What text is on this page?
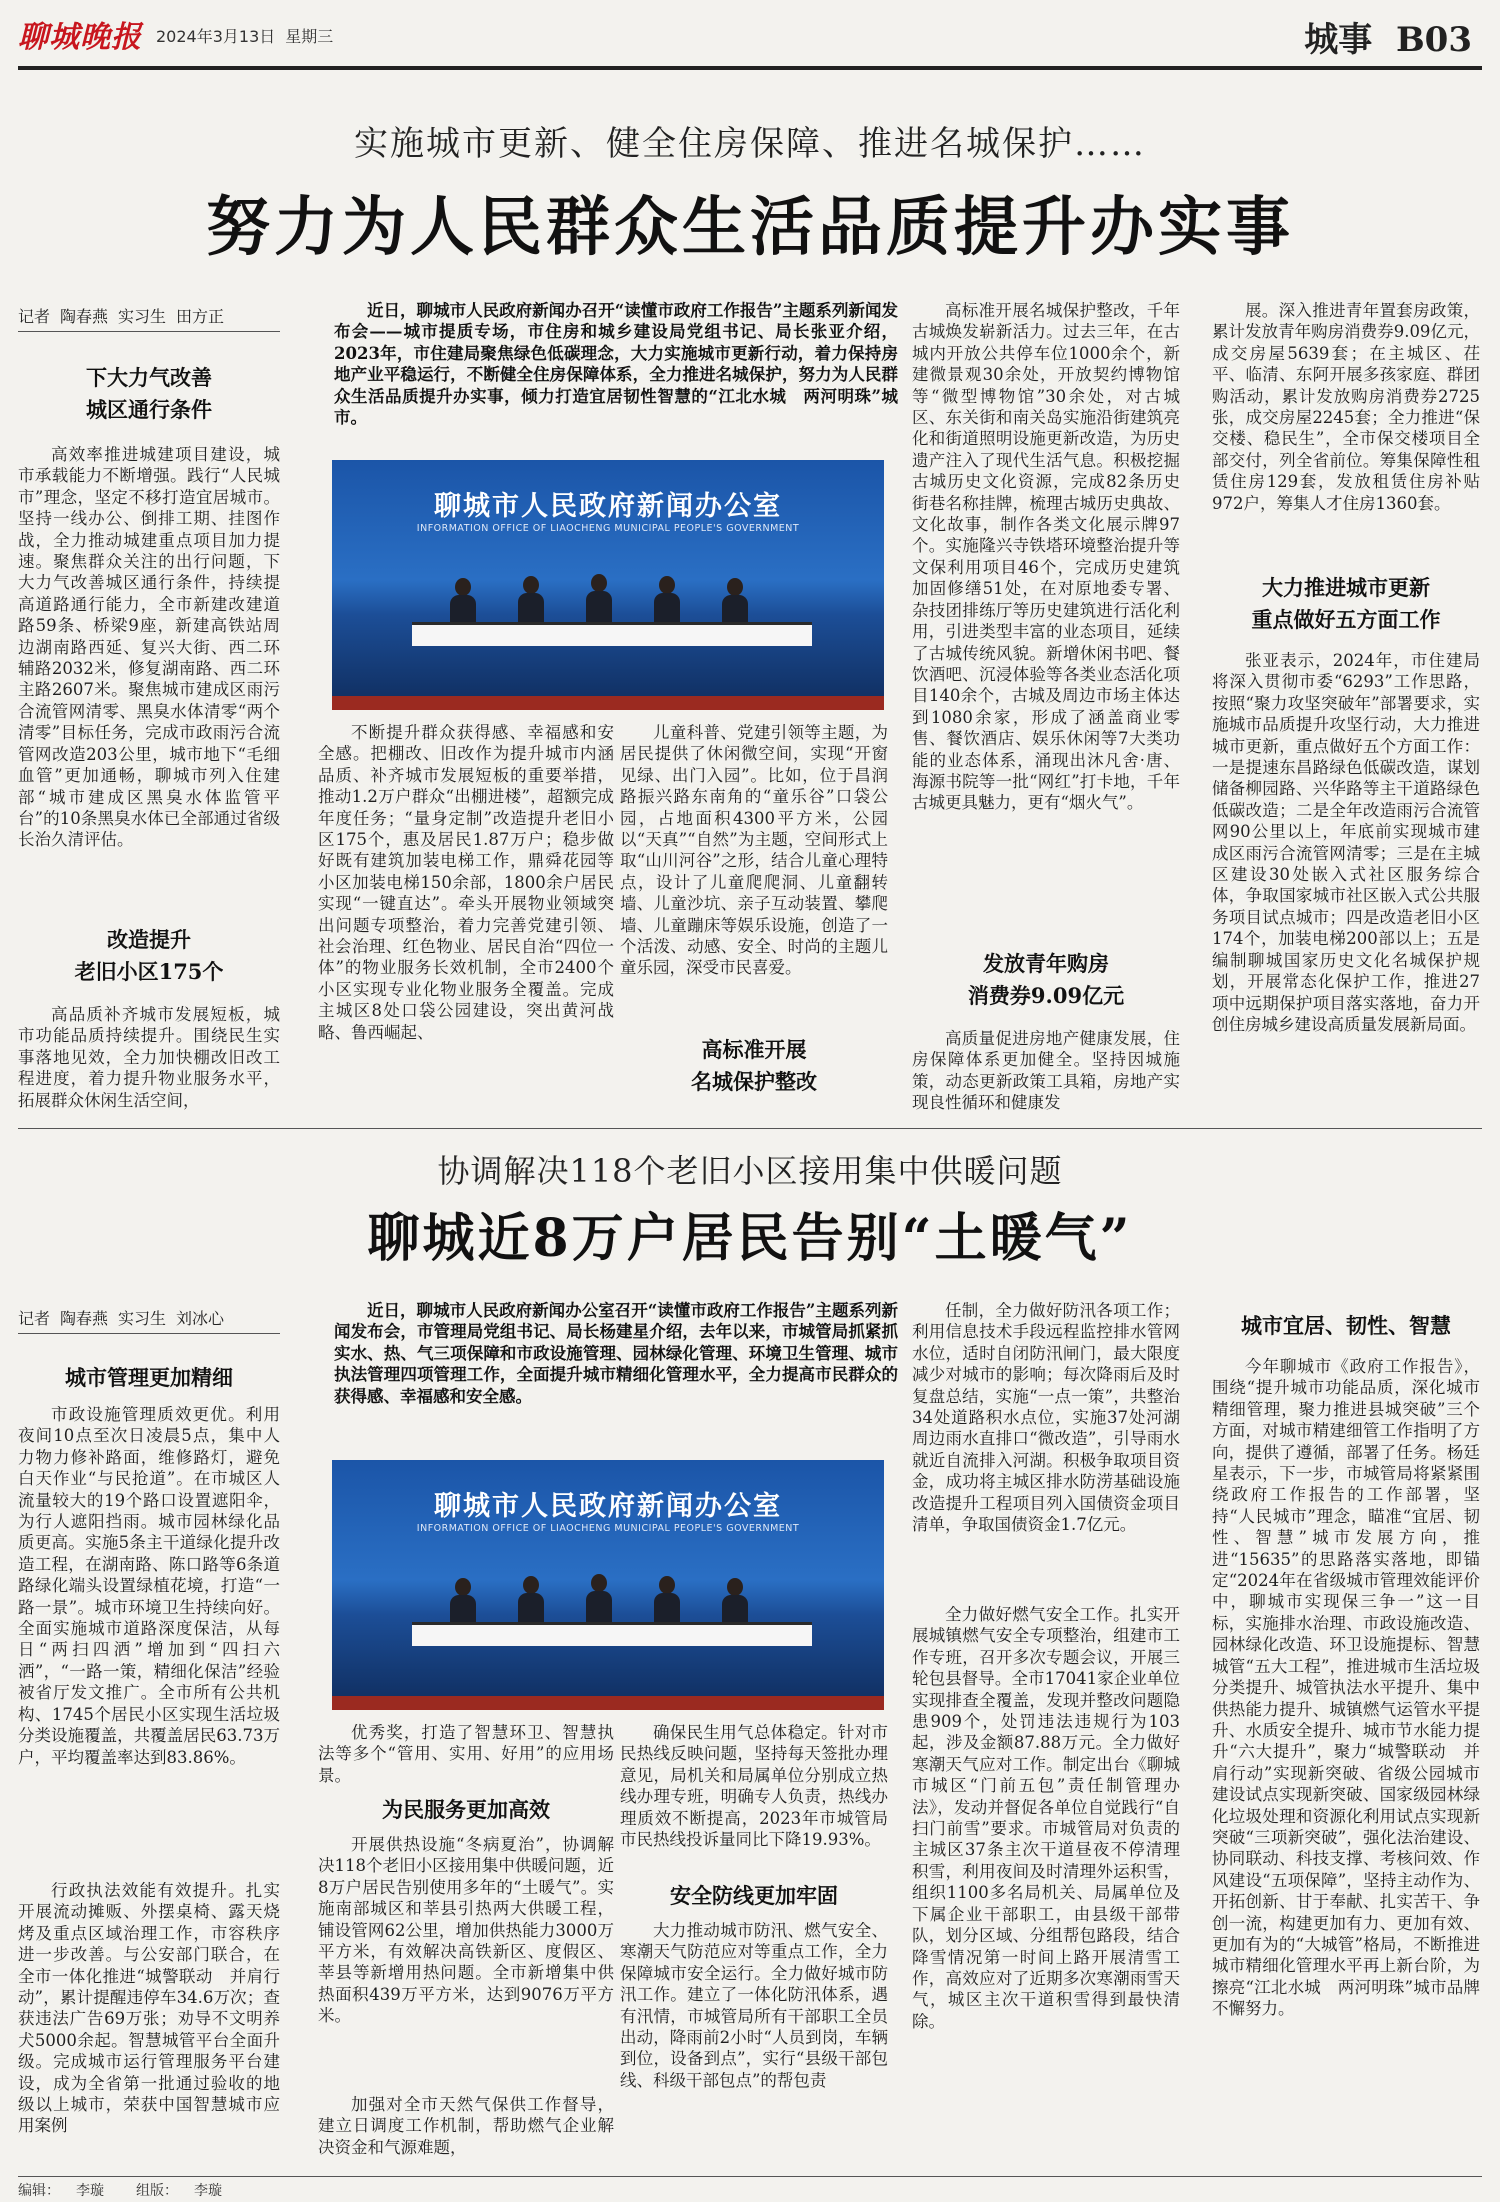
聊城晚报 2024年3月13日 星期三	城事 B03
实施城市更新、健全住房保障、推进名城保护……
努力为人民群众生活品质提升办实事
记者 陶春燕 实习生 田方正
下大力气改善
城区通行条件
高效率推进城建项目建设，城市承载能力不断增强。践行“人民城市”理念，坚定不移打造宜居城市。坚持一线办公、倒排工期、挂图作战，全力推动城建重点项目加力提速。聚焦群众关注的出行问题，下大力气改善城区通行条件，持续提高道路通行能力，全市新建改建道路59条、桥梁9座，新建高铁站周边湖南路西延、复兴大街、西二环辅路2032米，修复湖南路、西二环主路2607米。聚焦城市建成区雨污合流管网清零、黑臭水体清零“两个清零”目标任务，完成市政雨污合流管网改造203公里，城市地下“毛细血管”更加通畅，聊城市列入住建部“城市建成区黑臭水体监管平台”的10条黑臭水体已全部通过省级长治久清评估。
改造提升
老旧小区175个
高品质补齐城市发展短板，城市功能品质持续提升。围绕民生实事落地见效，全力加快棚改旧改工程进度，着力提升物业服务水平，拓展群众休闲生活空间，
近日，聊城市人民政府新闻办召开“读懂市政府工作报告”主题系列新闻发布会——城市提质专场，市住房和城乡建设局党组书记、局长张亚介绍，2023年，市住建局聚焦绿色低碳理念，大力实施城市更新行动，着力保持房地产业平稳运行，不断健全住房保障体系，全力推进名城保护，努力为人民群众生活品质提升办实事，倾力打造宜居韧性智慧的“江北水城　两河明珠”城市。
聊城市人民政府新闻办公室
INFORMATION OFFICE OF LIAOCHENG MUNICIPAL PEOPLE'S GOVERNMENT
不断提升群众获得感、幸福感和安全感。把棚改、旧改作为提升城市内涵品质、补齐城市发展短板的重要举措，推动1.2万户群众“出棚进楼”，超额完成年度任务；“量身定制”改造提升老旧小区175个，惠及居民1.87万户；稳步做好既有建筑加装电梯工作，鼎舜花园等小区加装电梯150余部，1800余户居民实现“一键直达”。牵头开展物业领域突出问题专项整治，着力完善党建引领、社会治理、红色物业、居民自治“四位一体”的物业服务长效机制，全市2400个小区实现专业化物业服务全覆盖。完成主城区8处口袋公园建设，突出黄河战略、鲁西崛起、
儿童科普、党建引领等主题，为居民提供了休闲微空间，实现“开窗见绿、出门入园”。比如，位于昌润路振兴路东南角的“童乐谷”口袋公园，占地面积4300平方米，公园以“天真”“自然”为主题，空间形式上取“山川河谷”之形，结合儿童心理特点，设计了儿童爬爬洞、儿童翻转墙、儿童沙坑、亲子互动装置、攀爬墙、儿童蹦床等娱乐设施，创造了一个活泼、动感、安全、时尚的主题儿童乐园，深受市民喜爱。
高标准开展
名城保护整改
高标准开展名城保护整改，千年古城焕发崭新活力。过去三年，在古城内开放公共停车位1000余个，新建微景观30余处，开放契约博物馆等“微型博物馆”30余处，对古城区、东关街和南关岛实施沿街建筑亮化和街道照明设施更新改造，为历史遗产注入了现代生活气息。积极挖掘古城历史文化资源，完成82条历史街巷名称挂牌，梳理古城历史典故、文化故事，制作各类文化展示牌97个。实施隆兴寺铁塔环境整治提升等文保利用项目46个，完成历史建筑加固修缮51处，在对原地委专署、杂技团排练厅等历史建筑进行活化利用，引进类型丰富的业态项目，延续了古城传统风貌。新增休闲书吧、餐饮酒吧、沉浸体验等各类业态活化项目140余个，古城及周边市场主体达到1080余家，形成了涵盖商业零售、餐饮酒店、娱乐休闲等7大类功能的业态体系，涌现出沐凡舍·唐、海源书院等一批“网红”打卡地，千年古城更具魅力，更有“烟火气”。
发放青年购房
消费券9.09亿元
高质量促进房地产健康发展，住房保障体系更加健全。坚持因城施策，动态更新政策工具箱，房地产实现良性循环和健康发
展。深入推进青年置套房政策，累计发放青年购房消费券9.09亿元，成交房屋5639套；在主城区、茌平、临清、东阿开展多孩家庭、群团购活动，累计发放购房消费券2725张，成交房屋2245套；全力推进“保交楼、稳民生”，全市保交楼项目全部交付，列全省前位。筹集保障性租赁住房129套，发放租赁住房补贴972户，筹集人才住房1360套。
大力推进城市更新
重点做好五方面工作
张亚表示，2024年，市住建局将深入贯彻市委“6293”工作思路，按照“聚力攻坚突破年”部署要求，实施城市品质提升攻坚行动，大力推进城市更新，重点做好五个方面工作：一是提速东昌路绿色低碳改造，谋划储备柳园路、兴华路等主干道路绿色低碳改造；二是全年改造雨污合流管网90公里以上，年底前实现城市建成区雨污合流管网清零；三是在主城区建设30处嵌入式社区服务综合体，争取国家城市社区嵌入式公共服务项目试点城市；四是改造老旧小区174个，加装电梯200部以上；五是编制聊城国家历史文化名城保护规划，开展常态化保护工作，推进27项中远期保护项目落实落地，奋力开创住房城乡建设高质量发展新局面。
协调解决118个老旧小区接用集中供暖问题
聊城近8万户居民告别“土暖气”
记者 陶春燕 实习生 刘冰心
城市管理更加精细
市政设施管理质效更优。利用夜间10点至次日凌晨5点，集中人力物力修补路面，维修路灯，避免白天作业“与民抢道”。在市城区人流量较大的19个路口设置遮阳伞，为行人遮阳挡雨。城市园林绿化品质更高。实施5条主干道绿化提升改造工程，在湖南路、陈口路等6条道路绿化端头设置绿植花境，打造“一路一景”。城市环境卫生持续向好。全面实施城市道路深度保洁，从每日“两扫四洒”增加到“四扫六洒”，“一路一策，精细化保洁”经验被省厅发文推广。全市所有公共机构、1745个居民小区实现生活垃圾分类设施覆盖，共覆盖居民63.73万户，平均覆盖率达到83.86%。
行政执法效能有效提升。扎实开展流动摊贩、外摆桌椅、露天烧烤及重点区域治理工作，市容秩序进一步改善。与公安部门联合，在全市一体化推进“城警联动　并肩行动”，累计提醒违停车34.6万次；查获违法广告69万张；劝导不文明养犬5000余起。智慧城管平台全面升级。完成城市运行管理服务平台建设，成为全省第一批通过验收的地级以上城市，荣获中国智慧城市应用案例
近日，聊城市人民政府新闻办公室召开“读懂市政府工作报告”主题系列新闻发布会，市管理局党组书记、局长杨建星介绍，去年以来，市城管局抓紧抓实水、热、气三项保障和市政设施管理、园林绿化管理、环境卫生管理、城市执法管理四项管理工作，全面提升城市精细化管理水平，全力提高市民群众的获得感、幸福感和安全感。
聊城市人民政府新闻办公室
INFORMATION OFFICE OF LIAOCHENG MUNICIPAL PEOPLE'S GOVERNMENT
优秀奖，打造了智慧环卫、智慧执法等多个“管用、实用、好用”的应用场景。
为民服务更加高效
开展供热设施“冬病夏治”，协调解决118个老旧小区接用集中供暖问题，近8万户居民告别使用多年的“土暖气”。实施南部城区和莘县引热两大供暖工程，铺设管网62公里，增加供热能力3000万平方米，有效解决高铁新区、度假区、莘县等新增用热问题。全市新增集中供热面积439万平方米，达到9076万平方米。
加强对全市天然气保供工作督导，建立日调度工作机制，帮助燃气企业解决资金和气源难题，
确保民生用气总体稳定。针对市民热线反映问题，坚持每天签批办理意见，局机关和局属单位分别成立热线办理专班，明确专人负责，热线办理质效不断提高，2023年市城管局市民热线投诉量同比下降19.93%。
安全防线更加牢固
大力推动城市防汛、燃气安全、寒潮天气防范应对等重点工作，全力保障城市安全运行。全力做好城市防汛工作。建立了一体化防汛体系，遇有汛情，市城管局所有干部职工全员出动，降雨前2小时“人员到岗，车辆到位，设备到点”，实行“县级干部包线、科级干部包点”的帮包责
任制，全力做好防汛各项工作；利用信息技术手段远程监控排水管网水位，适时自闭防汛闸门，最大限度减少对城市的影响；每次降雨后及时复盘总结，实施“一点一策”，共整治34处道路积水点位，实施37处河湖周边雨水直排口“微改造”，引导雨水就近自流排入河湖。积极争取项目资金，成功将主城区排水防涝基础设施改造提升工程项目列入国债资金项目清单，争取国债资金1.7亿元。
全力做好燃气安全工作。扎实开展城镇燃气安全专项整治，组建市工作专班，召开多次专题会议，开展三轮包县督导。全市17041家企业单位实现排查全覆盖，发现并整改问题隐患909个，处罚违法违规行为103起，涉及金额87.88万元。全力做好寒潮天气应对工作。制定出台《聊城市城区“门前五包”责任制管理办法》，发动并督促各单位自觉践行“自扫门前雪”要求。市城管局对负责的主城区37条主次干道昼夜不停清理积雪，利用夜间及时清理外运积雪，组织1100多名局机关、局属单位及下属企业干部职工，由县级干部带队，划分区域、分组帮包路段，结合降雪情况第一时间上路开展清雪工作，高效应对了近期多次寒潮雨雪天气，城区主次干道积雪得到最快清除。
城市宜居、韧性、智慧
今年聊城市《政府工作报告》，围绕“提升城市功能品质，深化城市精细管理，聚力推进县城突破”三个方面，对城市精建细管工作指明了方向，提供了遵循，部署了任务。杨廷星表示，下一步，市城管局将紧紧围绕政府工作报告的工作部署，坚持“人民城市”理念，瞄准“宜居、韧性、智慧”城市发展方向，推进“15635”的思路落实落地，即锚定“2024年在省级城市管理效能评价中，聊城市实现保三争一”这一目标，实施排水治理、市政设施改造、园林绿化改造、环卫设施提标、智慧城管“五大工程”，推进城市生活垃圾分类提升、城管执法水平提升、集中供热能力提升、城镇燃气运管水平提升、水质安全提升、城市节水能力提升“六大提升”，聚力“城警联动　并肩行动”实现新突破、省级公园城市建设试点实现新突破、国家级园林绿化垃圾处理和资源化利用试点实现新突破“三项新突破”，强化法治建设、协同联动、科技支撑、考核问效、作风建设“五项保障”，坚持主动作为、开拓创新、甘于奉献、扎实苦干、争创一流，构建更加有力、更加有效、更加有为的“大城管”格局，不断推进城市精细化管理水平再上新台阶，为擦亮“江北水城　两河明珠”城市品牌不懈努力。
编辑： 李璇 组版： 李璇
